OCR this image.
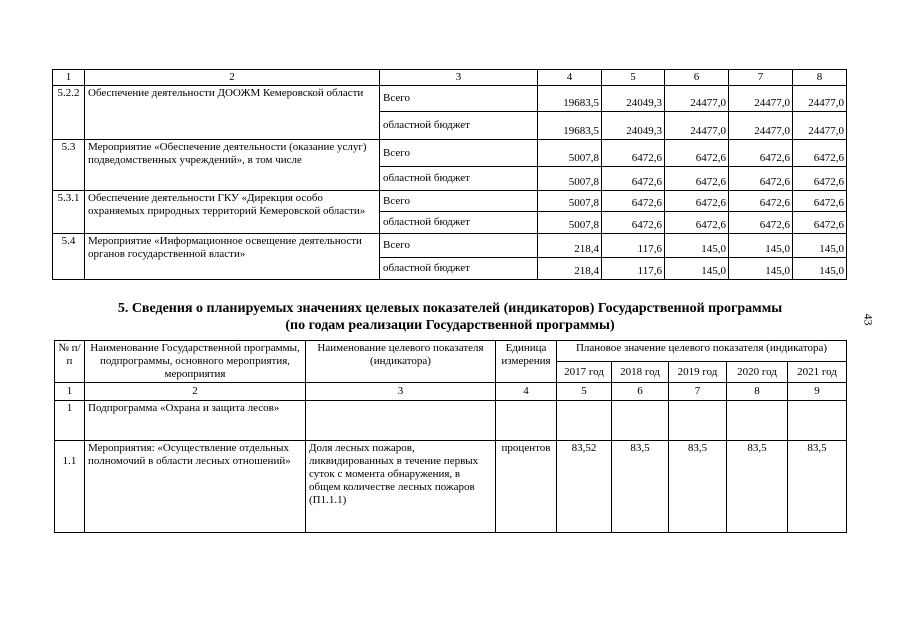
1	2	3	4	5	6	7	8
5.2.2	Обеспечение деятельности ДООЖМ Кемеровской области	Всего	19683,5	24049,3	24477,0	24477,0	24477,0
		областной бюджет	19683,5	24049,3	24477,0	24477,0	24477,0
5.3	Мероприятие «Обеспечение деятельности (оказание услуг) подведомственных учреждений», в том числе	Всего	5007,8	6472,6	6472,6	6472,6	6472,6
		областной бюджет	5007,8	6472,6	6472,6	6472,6	6472,6
5.3.1	Обеспечение деятельности ГКУ «Дирекция особо охраняемых природных территорий Кемеровской области»	Всего	5007,8	6472,6	6472,6	6472,6	6472,6
		областной бюджет	5007,8	6472,6	6472,6	6472,6	6472,6
5.4	Мероприятие «Информационное освещение деятельности органов государственной власти»	Всего	218,4	117,6	145,0	145,0	145,0
		областной бюджет	218,4	117,6	145,0	145,0	145,0
5. Сведения о планируемых значениях целевых показателей (индикаторов) Государственной программы
(по годам реализации Государственной программы)	43
№ п/п	Наименование Государственной программы, подпрограммы, основного мероприятия, мероприятия	Наименование целевого показателя (индикатора)	Единица измерения	Плановое значение целевого показателя (индикатора)				
				2017 год	2018 год	2019 год	2020 год	2021 год
1	2	3	4	5	6	7	8	9
1	Подпрограмма «Охрана и защита лесов»							
1.1	Мероприятия: «Осуществление отдельных полномочий в области лесных отношений»	Доля лесных пожаров, ликвидированных в течение первых суток с момента обнаружения, в общем количестве лесных пожаров (П1.1.1)	процентов	83,52	83,5	83,5	83,5	83,5
